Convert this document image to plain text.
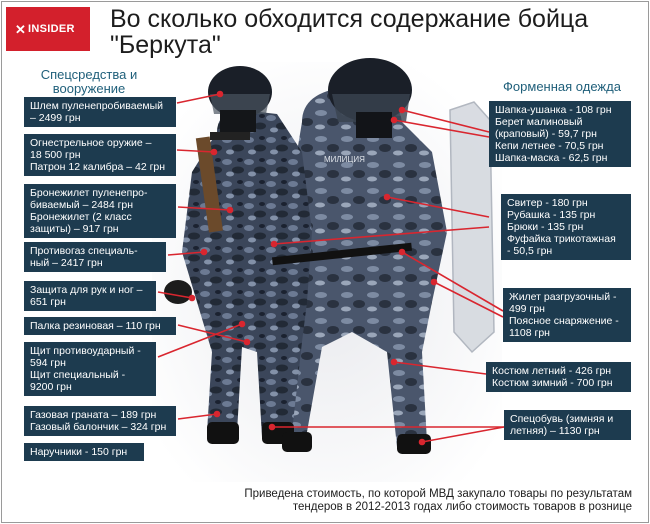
МИЛИЦИЯ
✕ INSIDER Во сколько обходится содержание бойца "Беркута"
Спецсредства и вооружение	Форменная одежда
Шлем пуленепробиваемый
– 2499 грн
Огнестрельное оружие –
18 500 грн
Патрон 12 калибра – 42 грн
Бронежилет пуленепро-
биваемый – 2484 грн
Бронежилет (2 класс
защиты) – 917 грн
Противогаз специаль-
ный – 2417 грн
Защита для рук и ног –
651 грн
Палка резиновая – 110 грн
Щит противоударный -
594 грн
Щит специальный -
9200 грн
Газовая граната – 189 грн
Газовый балончик – 324 грн
Наручники - 150 грн
Шапка-ушанка - 108 грн
Берет малиновый
(краповый) - 59,7 грн
Кепи летнее - 70,5 грн
Шапка-маска - 62,5 грн
Свитер - 180 грн
Рубашка - 135 грн
Брюки - 135 грн
Фуфайка трикотажная
- 50,5 грн
Жилет разгрузочный -
499 грн
Поясное снаряжение -
1108 грн
Костюм летний - 426 грн
Костюм зимний - 700 грн
Спецобувь (зимняя и
летняя) – 1130 грн
Приведена стоимость, по которой МВД закупало товары по результатам
тендеров в 2012-2013 годах либо стоимость товаров в рознице
